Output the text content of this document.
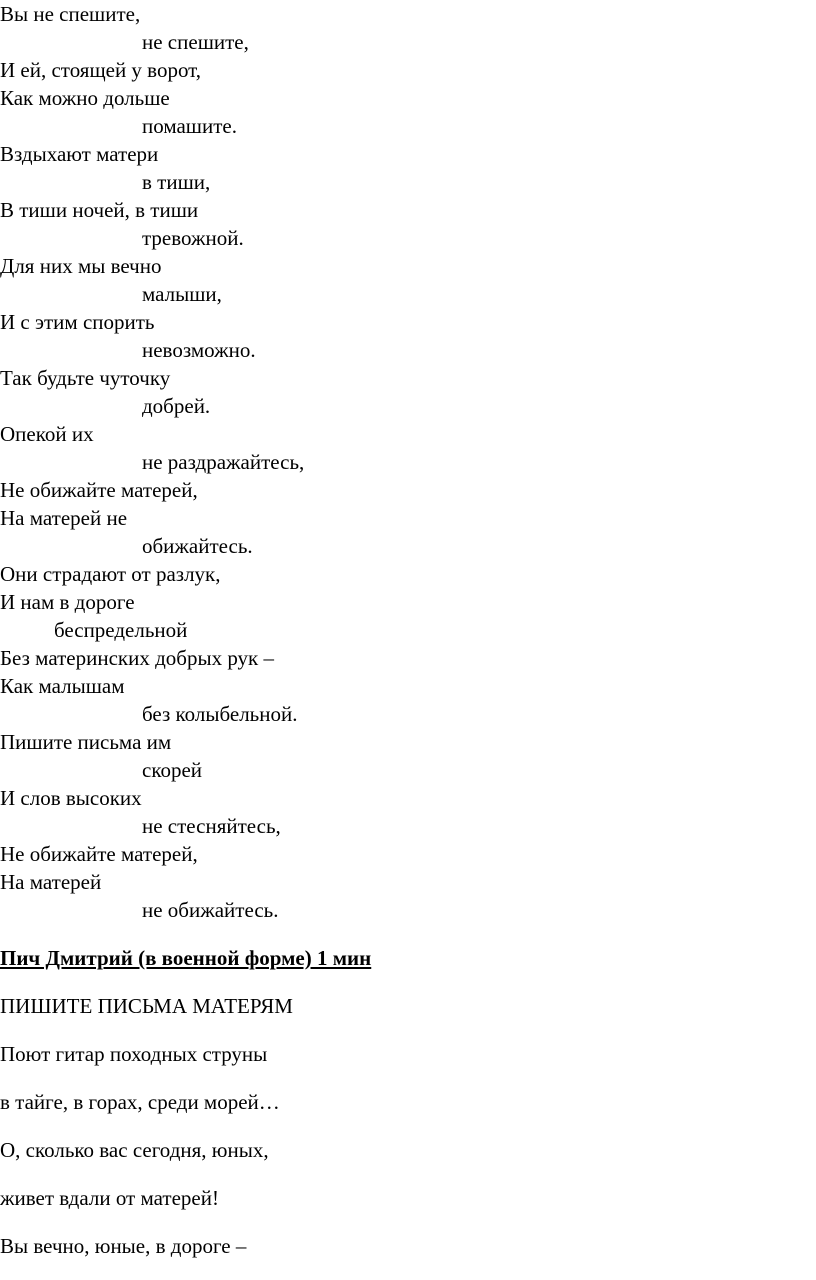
Вы не спешите,
не спешите,
И ей, стоящей у ворот,
Как можно дольше
помашите.
Вздыхают матери
в тиши,
В тиши ночей, в тиши
тревожной.
Для них мы вечно
малыши,
И с этим спорить
невозможно.
Так будьте чуточку
добрей.
Опекой их
не раздражайтесь,
Не обижайте матерей,
На матерей не
обижайтесь.
Они страдают от разлук,
И нам в дороге
беспредельной
Без материнских добрых рук –
Как малышам
без колыбельной.
Пишите письма им
скорей
И слов высоких
не стесняйтесь,
Не обижайте матерей,
На матерей
не обижайтесь.
Пич Дмитрий (в военной форме) 1 мин
ПИШИТЕ ПИСЬМА МАТЕРЯМ
Поют гитар походных струны
в тайге, в горах, среди морей…
О, сколько вас сегодня, юных,
живет вдали от матерей!
Вы вечно, юные, в дороге –
